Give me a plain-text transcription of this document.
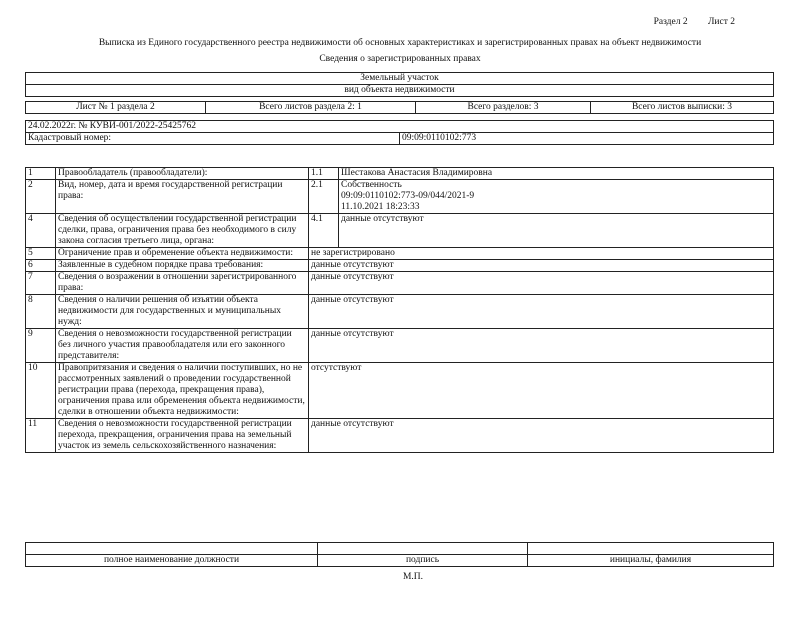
Раздел 2 Лист 2
Выписка из Единого государственного реестра недвижимости об основных характеристиках и зарегистрированных правах на объект недвижимости
Сведения о зарегистрированных правах
Земельный участок
вид объекта недвижимости
Лист № 1 раздела 2	Всего листов раздела 2: 1	Всего разделов: 3	Всего листов выписки: 3
24.02.2022г. № КУВИ-001/2022-25425762
Кадастровый номер:	09:09:0110102:773
1	Правообладатель (правообладатели):	1.1	Шестакова Анастасия Владимировна
2	Вид, номер, дата и время государственной регистрации права:	2.1	Собственность
09:09:0110102:773-09/044/2021-9
11.10.2021 18:23:33
4	Сведения об осуществлении государственной регистрации сделки, права, ограничения права без необходимого в силу закона согласия третьего лица, органа:	4.1	данные отсутствуют
5	Ограничение прав и обременение объекта недвижимости:	не зарегистрировано	
6	Заявленные в судебном порядке права требования:	данные отсутствуют	
7	Сведения о возражении в отношении зарегистрированного права:	данные отсутствуют	
8	Сведения о наличии решения об изъятии объекта недвижимости для государственных и муниципальных нужд:	данные отсутствуют	
9	Сведения о невозможности государственной регистрации без личного участия правообладателя или его законного представителя:	данные отсутствуют	
10	Правопритязания и сведения о наличии поступивших, но не рассмотренных заявлений о проведении государственной регистрации права (перехода, прекращения права), ограничения права или обременения объекта недвижимости, сделки в отношении объекта недвижимости:	отсутствуют	
11	Сведения о невозможности государственной регистрации перехода, прекращения, ограничения права на земельный участок из земель сельскохозяйственного назначения:	данные отсутствуют	

полное наименование должности	подпись	инициалы, фамилия
М.П.
